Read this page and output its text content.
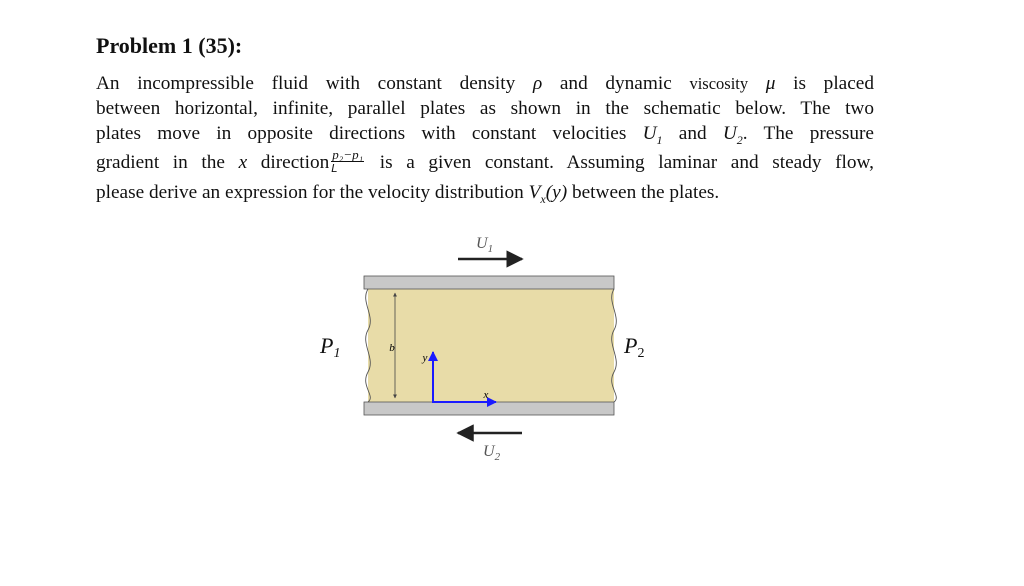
Problem 1 (35):

An incompressible fluid with constant density ρ and dynamic viscosity μ is placed

between horizontal, infinite, parallel plates as shown in the schematic below. The two

plates move in opposite directions with constant velocities $U_1$ and $U_2$. The pressure

gradient in the x direction $\frac{\text{p₂−p₁}}{L}$ is a given constant. Assuming laminar and steady flow,

please derive an expression for the velocity distribution $V_x(y)$ between the plates.

b
y
x
$U_1$
$U_2$
P1	P2
